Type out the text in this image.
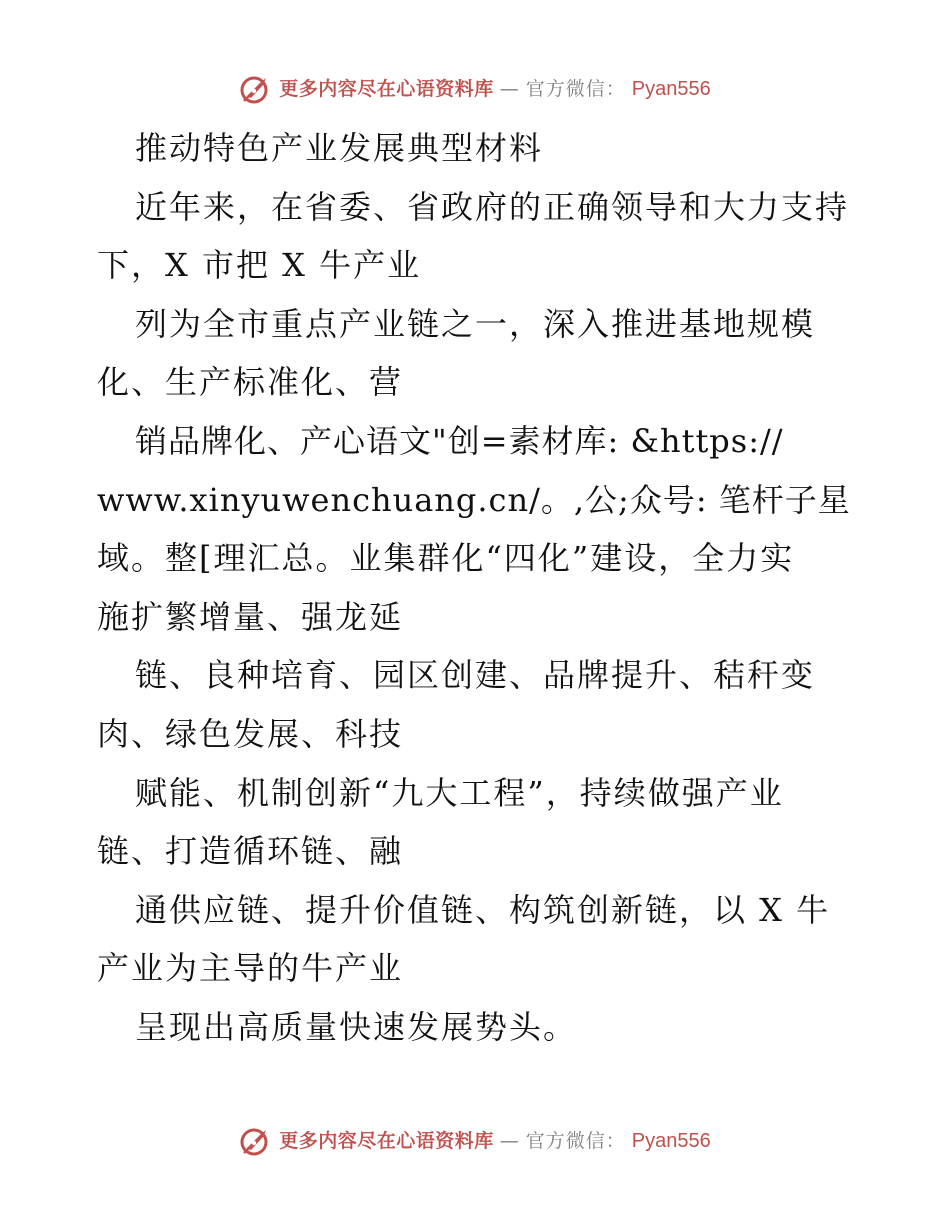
更多内容尽在心语资料库 — 官方微信： Pyan556
推动特色产业发展典型材料
近年来，在省委、省政府的正确领导和大力支持
下，X 市把 X 牛产业
列为全市重点产业链之一，深入推进基地规模
化、生产标准化、营
销品牌化、产心语文"创=素材库: &https://
www.xinyuwenchuang.cn/。,公;众号: 笔杆子星
域。整[理汇总。业集群化“四化”建设，全力实
施扩繁增量、强龙延
链、良种培育、园区创建、品牌提升、秸秆变
肉、绿色发展、科技
赋能、机制创新“九大工程”，持续做强产业
链、打造循环链、融
通供应链、提升价值链、构筑创新链，以 X 牛
产业为主导的牛产业
呈现出高质量快速发展势头。
更多内容尽在心语资料库 — 官方微信： Pyan556
